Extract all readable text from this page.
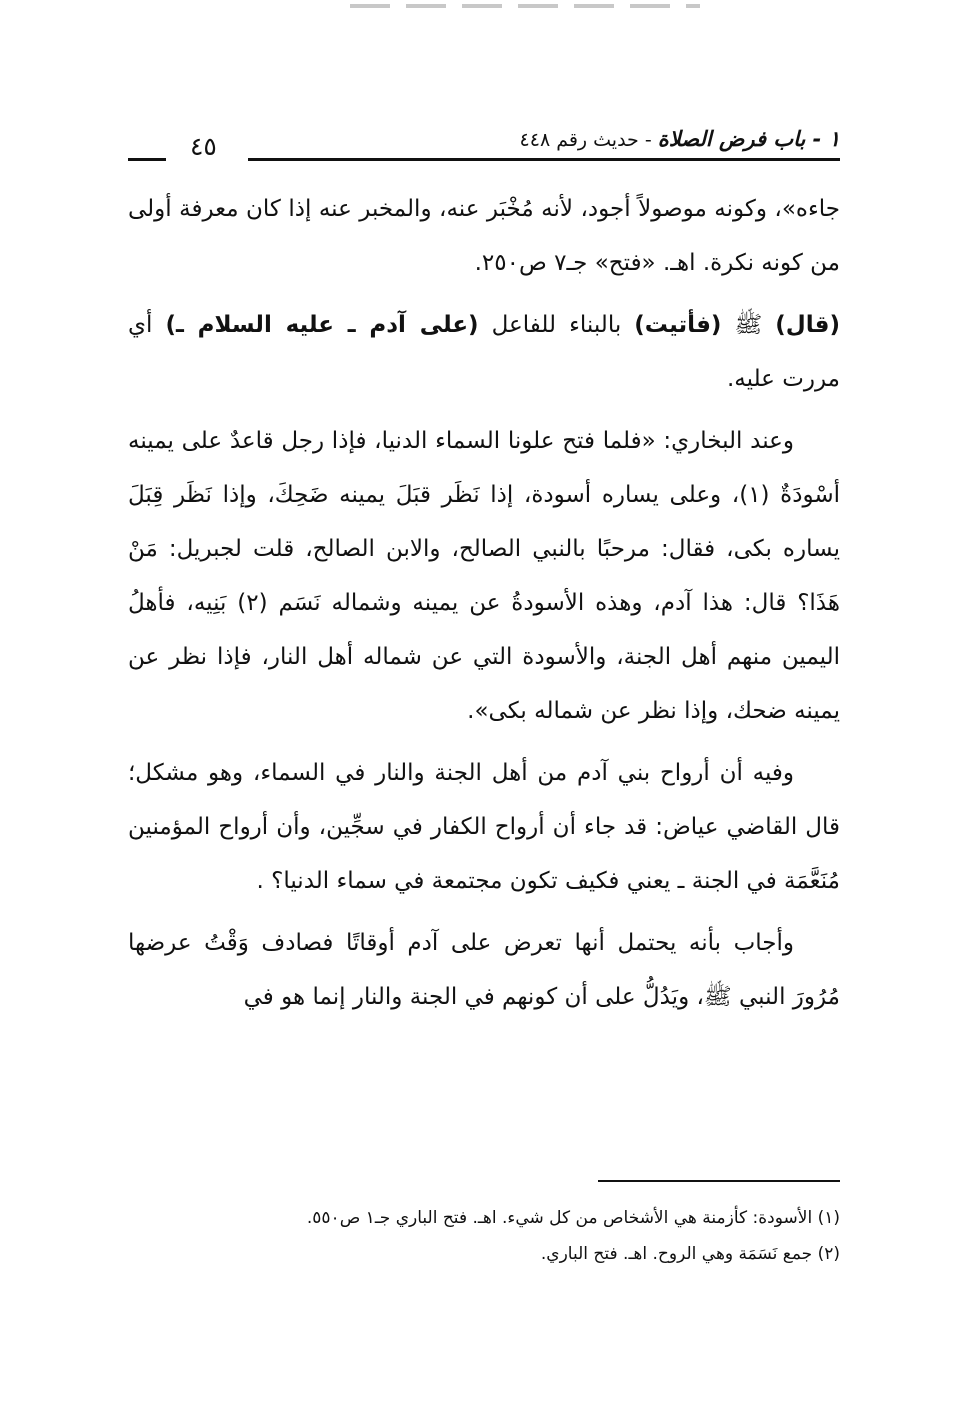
١ - باب فرض الصلاة - حديث رقم ٤٤٨
٤٥

جاءه»، وكونه موصولاً أجود، لأنه مُخْبَر عنه، والمخبر عنه إذا كان معرفة أولى من كونه نكرة. اهـ. «فتح» جـ٧ ص٢٥٠.

(قال) ﷺ (فأتيت) بالبناء للفاعل (على آدم ـ عليه السلام ـ) أي مررت عليه.

وعند البخاري: «فلما فتح علونا السماء الدنيا، فإذا رجل قاعدٌ على يمينه أسْودَةٌ (١)، وعلى يساره أسودة، إذا نَظَر قبَلَ يمينه ضَحِكَ، وإذا نَظَر قِبَلَ يساره بكى، فقال: مرحبًا بالنبي الصالح، والابن الصالح، قلت لجبريل: مَنْ هَذَا؟ قال: هذا آدم، وهذه الأسودةُ عن يمينه وشماله نَسَم (٢) بَنِيه، فأهلُ اليمين منهم أهل الجنة، والأسودة التي عن شماله أهل النار، فإذا نظر عن يمينه ضحك، وإذا نظر عن شماله بكى».

وفيه أن أرواح بني آدم من أهل الجنة والنار في السماء، وهو مشكل؛ قال القاضي عياض: قد جاء أن أرواح الكفار في سجِّين، وأن أرواح المؤمنين مُنَعَّمَة في الجنة ـ يعني فكيف تكون مجتمعة في سماء الدنيا؟ .

وأجاب بأنه يحتمل أنها تعرض على آدم أوقاتًا فصادف وَقْتُ عرضها مُرُورَ النبي ﷺ، ويَدُلُّ على أن كونهم في الجنة والنار إنما هو في

(١) الأسودة: كأزمنة هي الأشخاص من كل شيء. اهـ. فتح الباري جـ١ ص٥٥٠.

(٢) جمع نَسَمَة وهي الروح. اهـ. فتح الباري.
